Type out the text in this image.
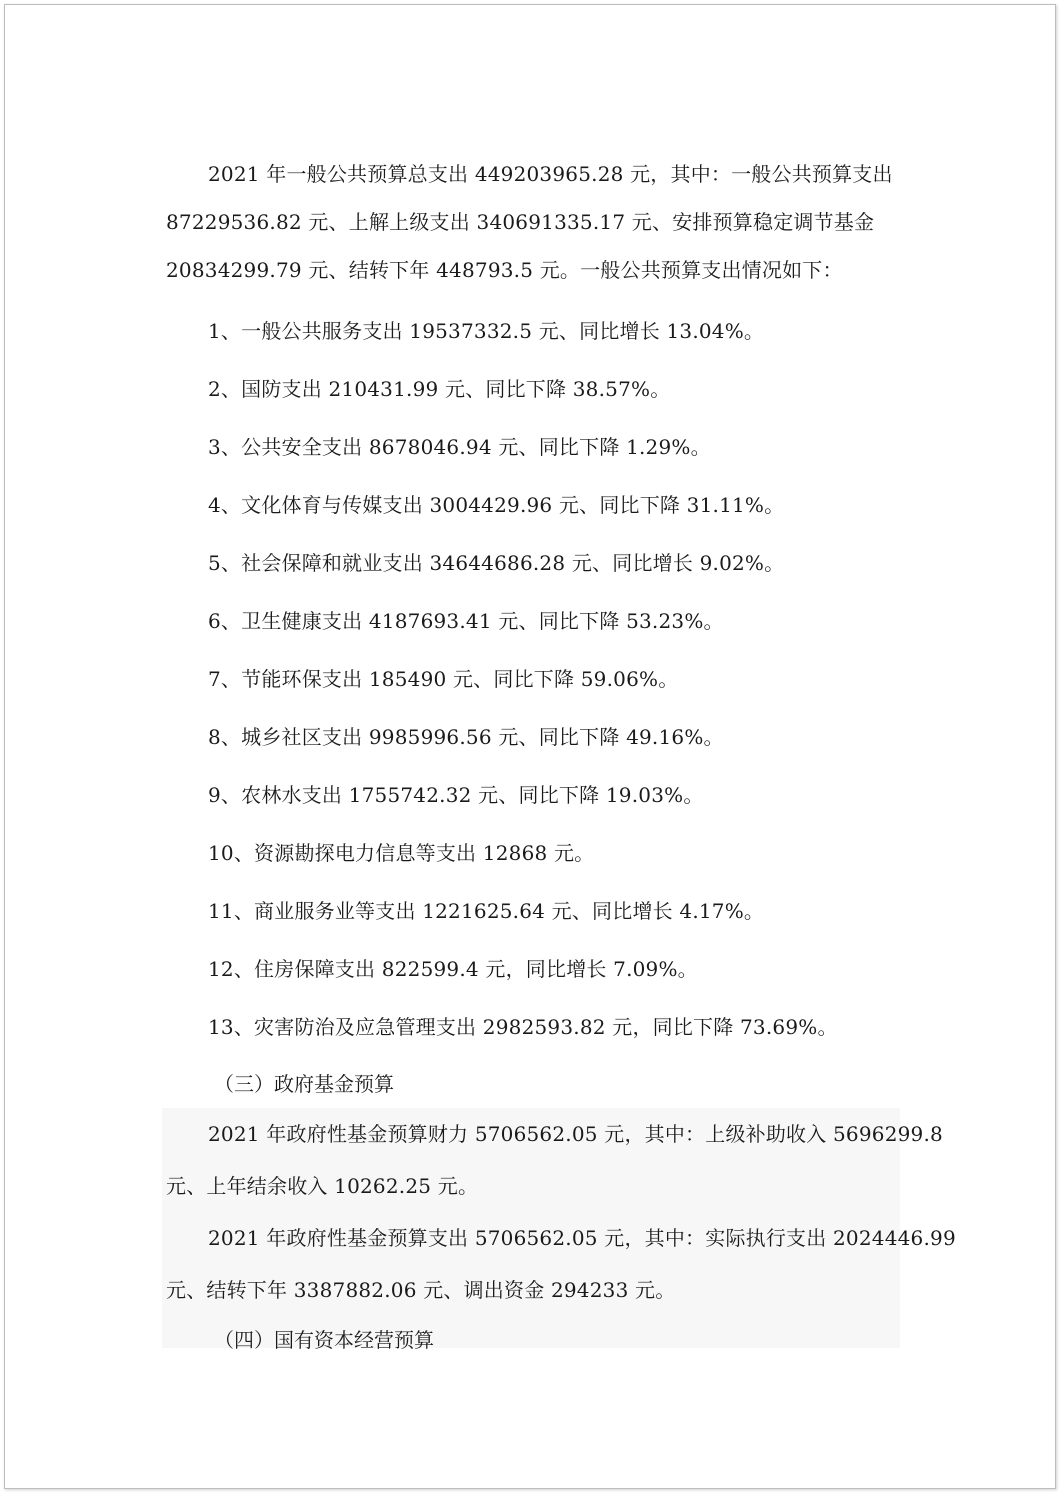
2021 年一般公共预算总支出 449203965.28 元，其中：一般公共预算支出
87229536.82 元、上解上级支出 340691335.17 元、安排预算稳定调节基金
20834299.79 元、结转下年 448793.5 元。一般公共预算支出情况如下：
1、一般公共服务支出 19537332.5 元、同比增长 13.04%。
2、国防支出 210431.99 元、同比下降 38.57%。
3、公共安全支出 8678046.94 元、同比下降 1.29%。
4、文化体育与传媒支出 3004429.96 元、同比下降 31.11%。
5、社会保障和就业支出 34644686.28 元、同比增长 9.02%。
6、卫生健康支出 4187693.41 元、同比下降 53.23%。
7、节能环保支出 185490 元、同比下降 59.06%。
8、城乡社区支出 9985996.56 元、同比下降 49.16%。
9、农林水支出 1755742.32 元、同比下降 19.03%。
10、资源勘探电力信息等支出 12868 元。
11、商业服务业等支出 1221625.64 元、同比增长 4.17%。
12、住房保障支出 822599.4 元，同比增长 7.09%。
13、灾害防治及应急管理支出 2982593.82 元，同比下降 73.69%。
（三）政府基金预算
2021 年政府性基金预算财力 5706562.05 元，其中：上级补助收入 5696299.8
元、上年结余收入 10262.25 元。
2021 年政府性基金预算支出 5706562.05 元，其中：实际执行支出 2024446.99
元、结转下年 3387882.06 元、调出资金 294233 元。
（四）国有资本经营预算
